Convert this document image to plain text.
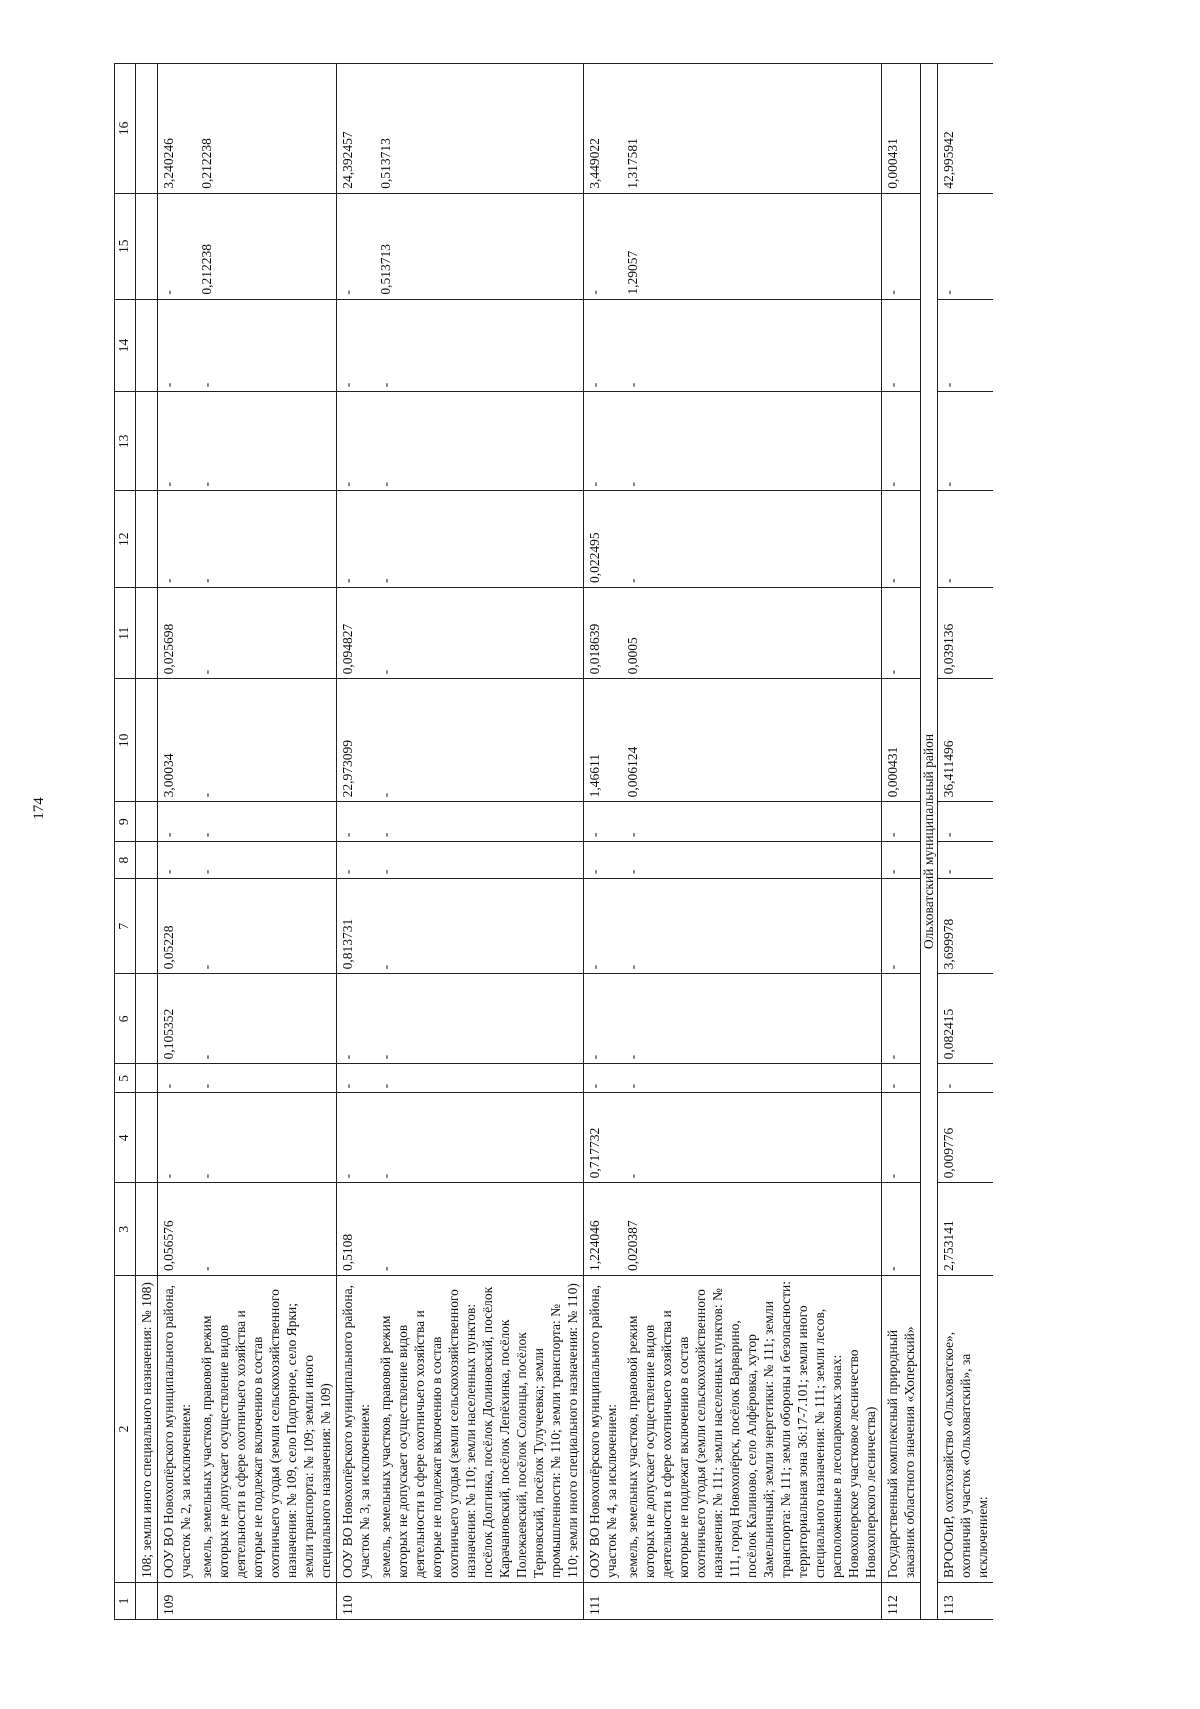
174
1	2	3	4	5	6	7	8	9	10	11	12	13	14	15	16
	108; земли иного специального назначения: № 108)														
109	ООУ ВО Новохопёрского муниципального района, участок № 2, за исключением:	0,056576	-	-	0,105352	0,05228	-	-	3,00034	0,025698	-	-	-	-	3,240246
	земель, земельных участков, правовой режим которых не допускает осуществление видов деятельности в сфере охотничьего хозяйства и которые не подлежат включению в состав охотничьего угодья (земли сельскохозяйственного назначения: № 109, село Подгорное, село Ярки; земли транспорта: № 109; земли иного специального назначения: № 109)	-	-	-	-	-	-	-	-	-	-	-	-	0,212238	0,212238
110	ООУ ВО Новохопёрского муниципального района, участок № 3, за исключением:	0,5108	-	-	-	0,813731	-	-	22,973099	0,094827	-	-	-	-	24,392457
	земель, земельных участков, правовой режим которых не допускает осуществление видов деятельности в сфере охотничьего хозяйства и которые не подлежат включению в состав охотничьего угодья (земли сельскохозяйственного назначения: № 110; земли населенных пунктов: посёлок Долгинка, посёлок Долиновский, посёлок Карачановский, посёлок Лепёхинка, посёлок Полежаевский, посёлок Солонцы, посёлок Терновский, посёлок Тулучеевка; земли промышленности: № 110; земли транспорта: № 110; земли иного специального назначения: № 110)	-	-	-	-	-	-	-	-	-	-	-	-	0,513713	0,513713
111	ООУ ВО Новохопёрского муниципального района, участок № 4, за исключением:	1,224046	0,717732	-	-	-	-	-	1,46611	0,018639	0,022495	-	-	-	3,449022
	земель, земельных участков, правовой режим которых не допускает осуществление видов деятельности в сфере охотничьего хозяйства и которые не подлежат включению в состав охотничьего угодья (земли сельскохозяйственного назначения: № 111; земли населенных пунктов: № 111, город Новохопёрск, посёлок Варварино, посёлок Калиново, село Алфёровка, хутор Замельничный; земли энергетики: № 111; земли транспорта: № 111; земли обороны и безопасности: территориальная зона 36:17-7.101; земли иного специального назначения: № 111; земли лесов, расположенные в лесопарковых зонах: Новохоперское участковое лесничество Новохоперского лесничества)	0,020387	-	-	-	-	-	-	0,006124	0,0005	-	-	-	1,29057	1,317581
112	Государственный комплексный природный заказник областного значения «Хоперский»	-	-	-	-	-	-	-	0,000431	-	-	-	-	-	0,000431
Ольховатский муниципальный район															
113	ВРОООиР, охотхозяйство «Ольховатское», охотничий участок «Ольховатский», за исключением:	2,753141	0,009776	-	0,082415	3,699978	-	-	36,411496	0,039136	-	-	-	-	42,995942
